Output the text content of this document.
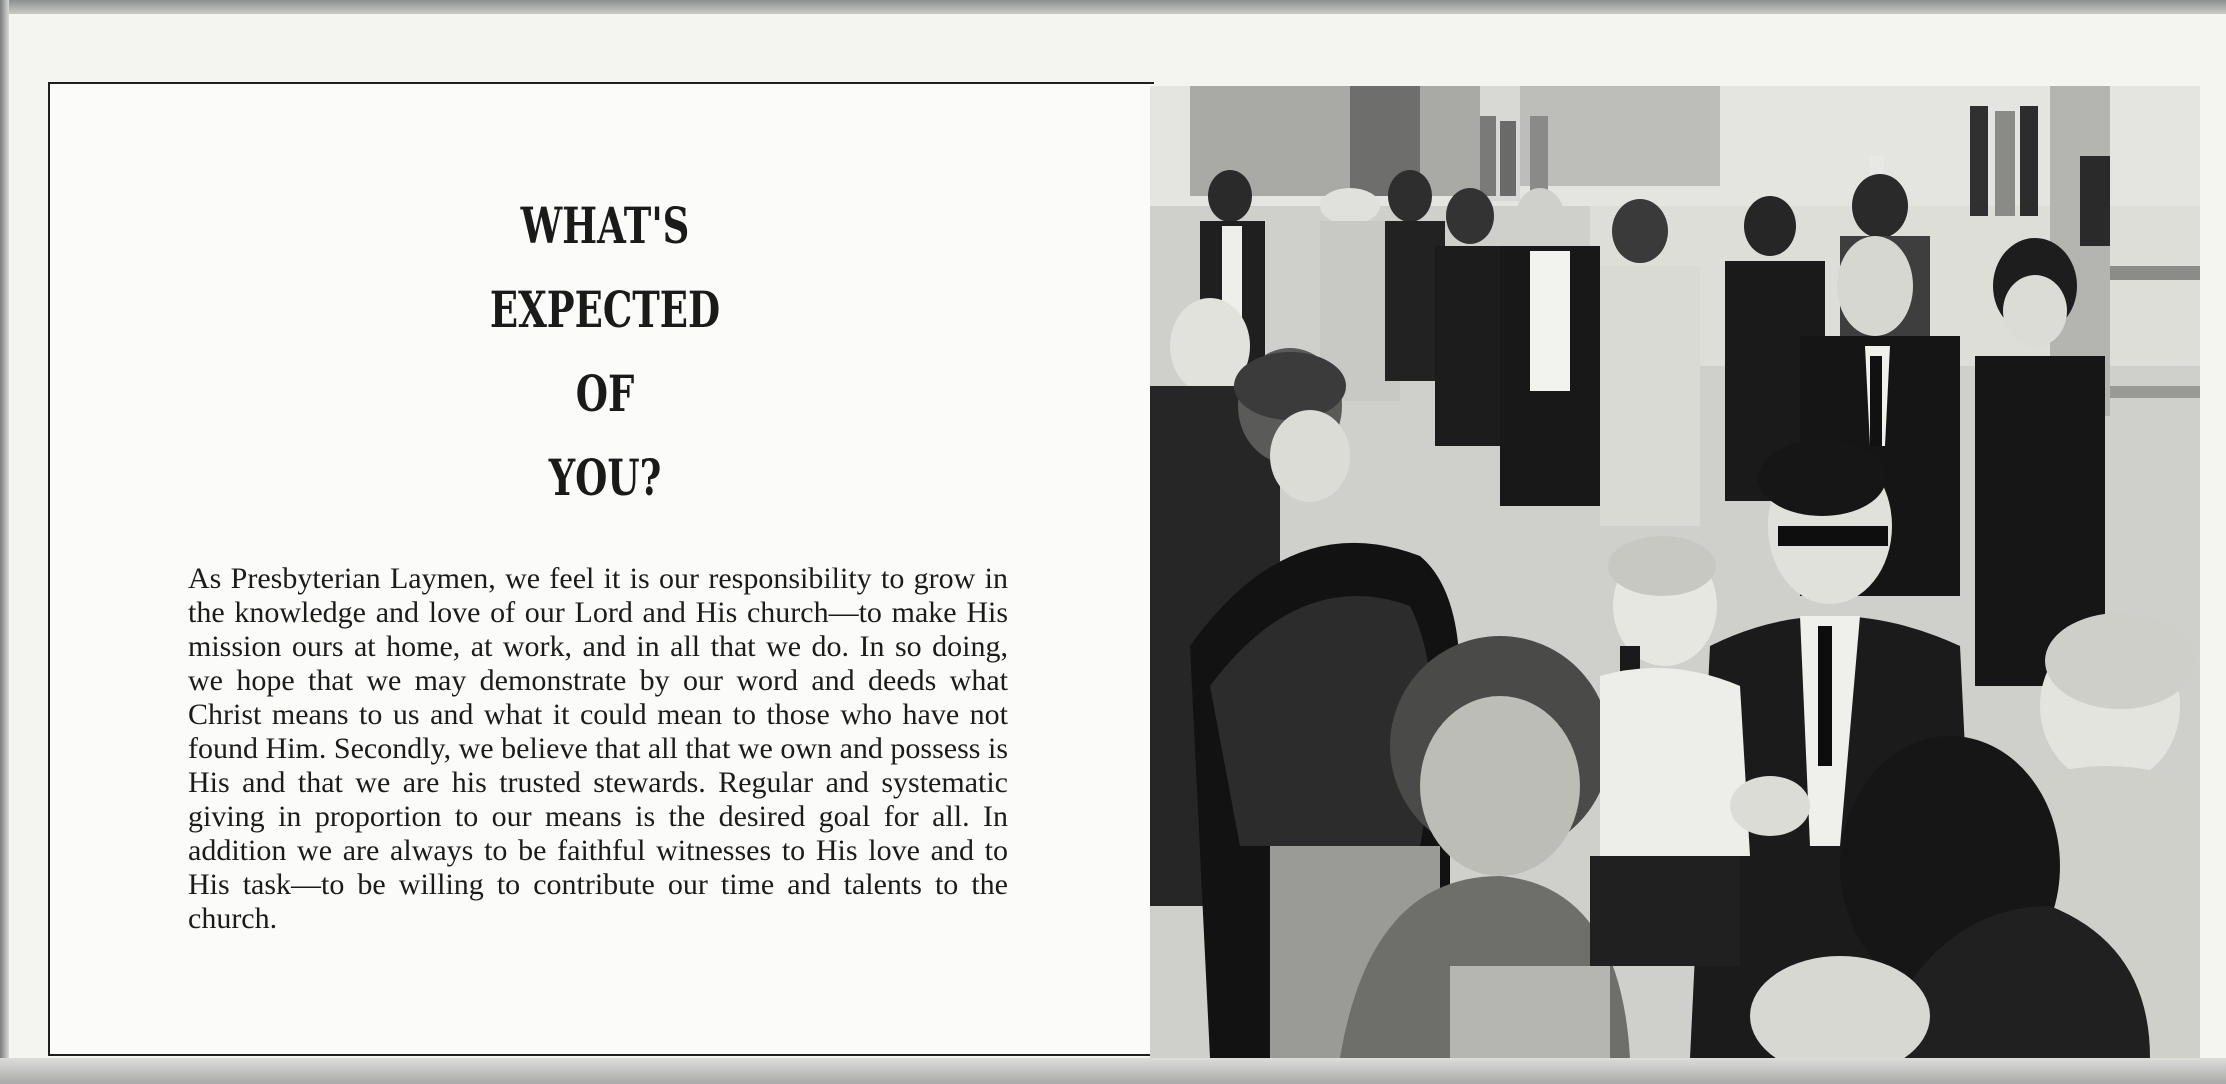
WHAT'S
EXPECTED
OF
YOU?

As Presbyterian Laymen, we feel it is our responsibility to grow in the knowledge and love of our Lord and His church—to make His mission ours at home, at work, and in all that we do. In so doing, we hope that we may demonstrate by our word and deeds what Christ means to us and what it could mean to those who have not found Him. Secondly, we believe that all that we own and possess is His and that we are his trusted stewards. Regular and systematic giving in proportion to our means is the desired goal for all. In addition we are always to be faithful witnesses to His love and to His task—to be willing to contribute our time and talents to the church.
